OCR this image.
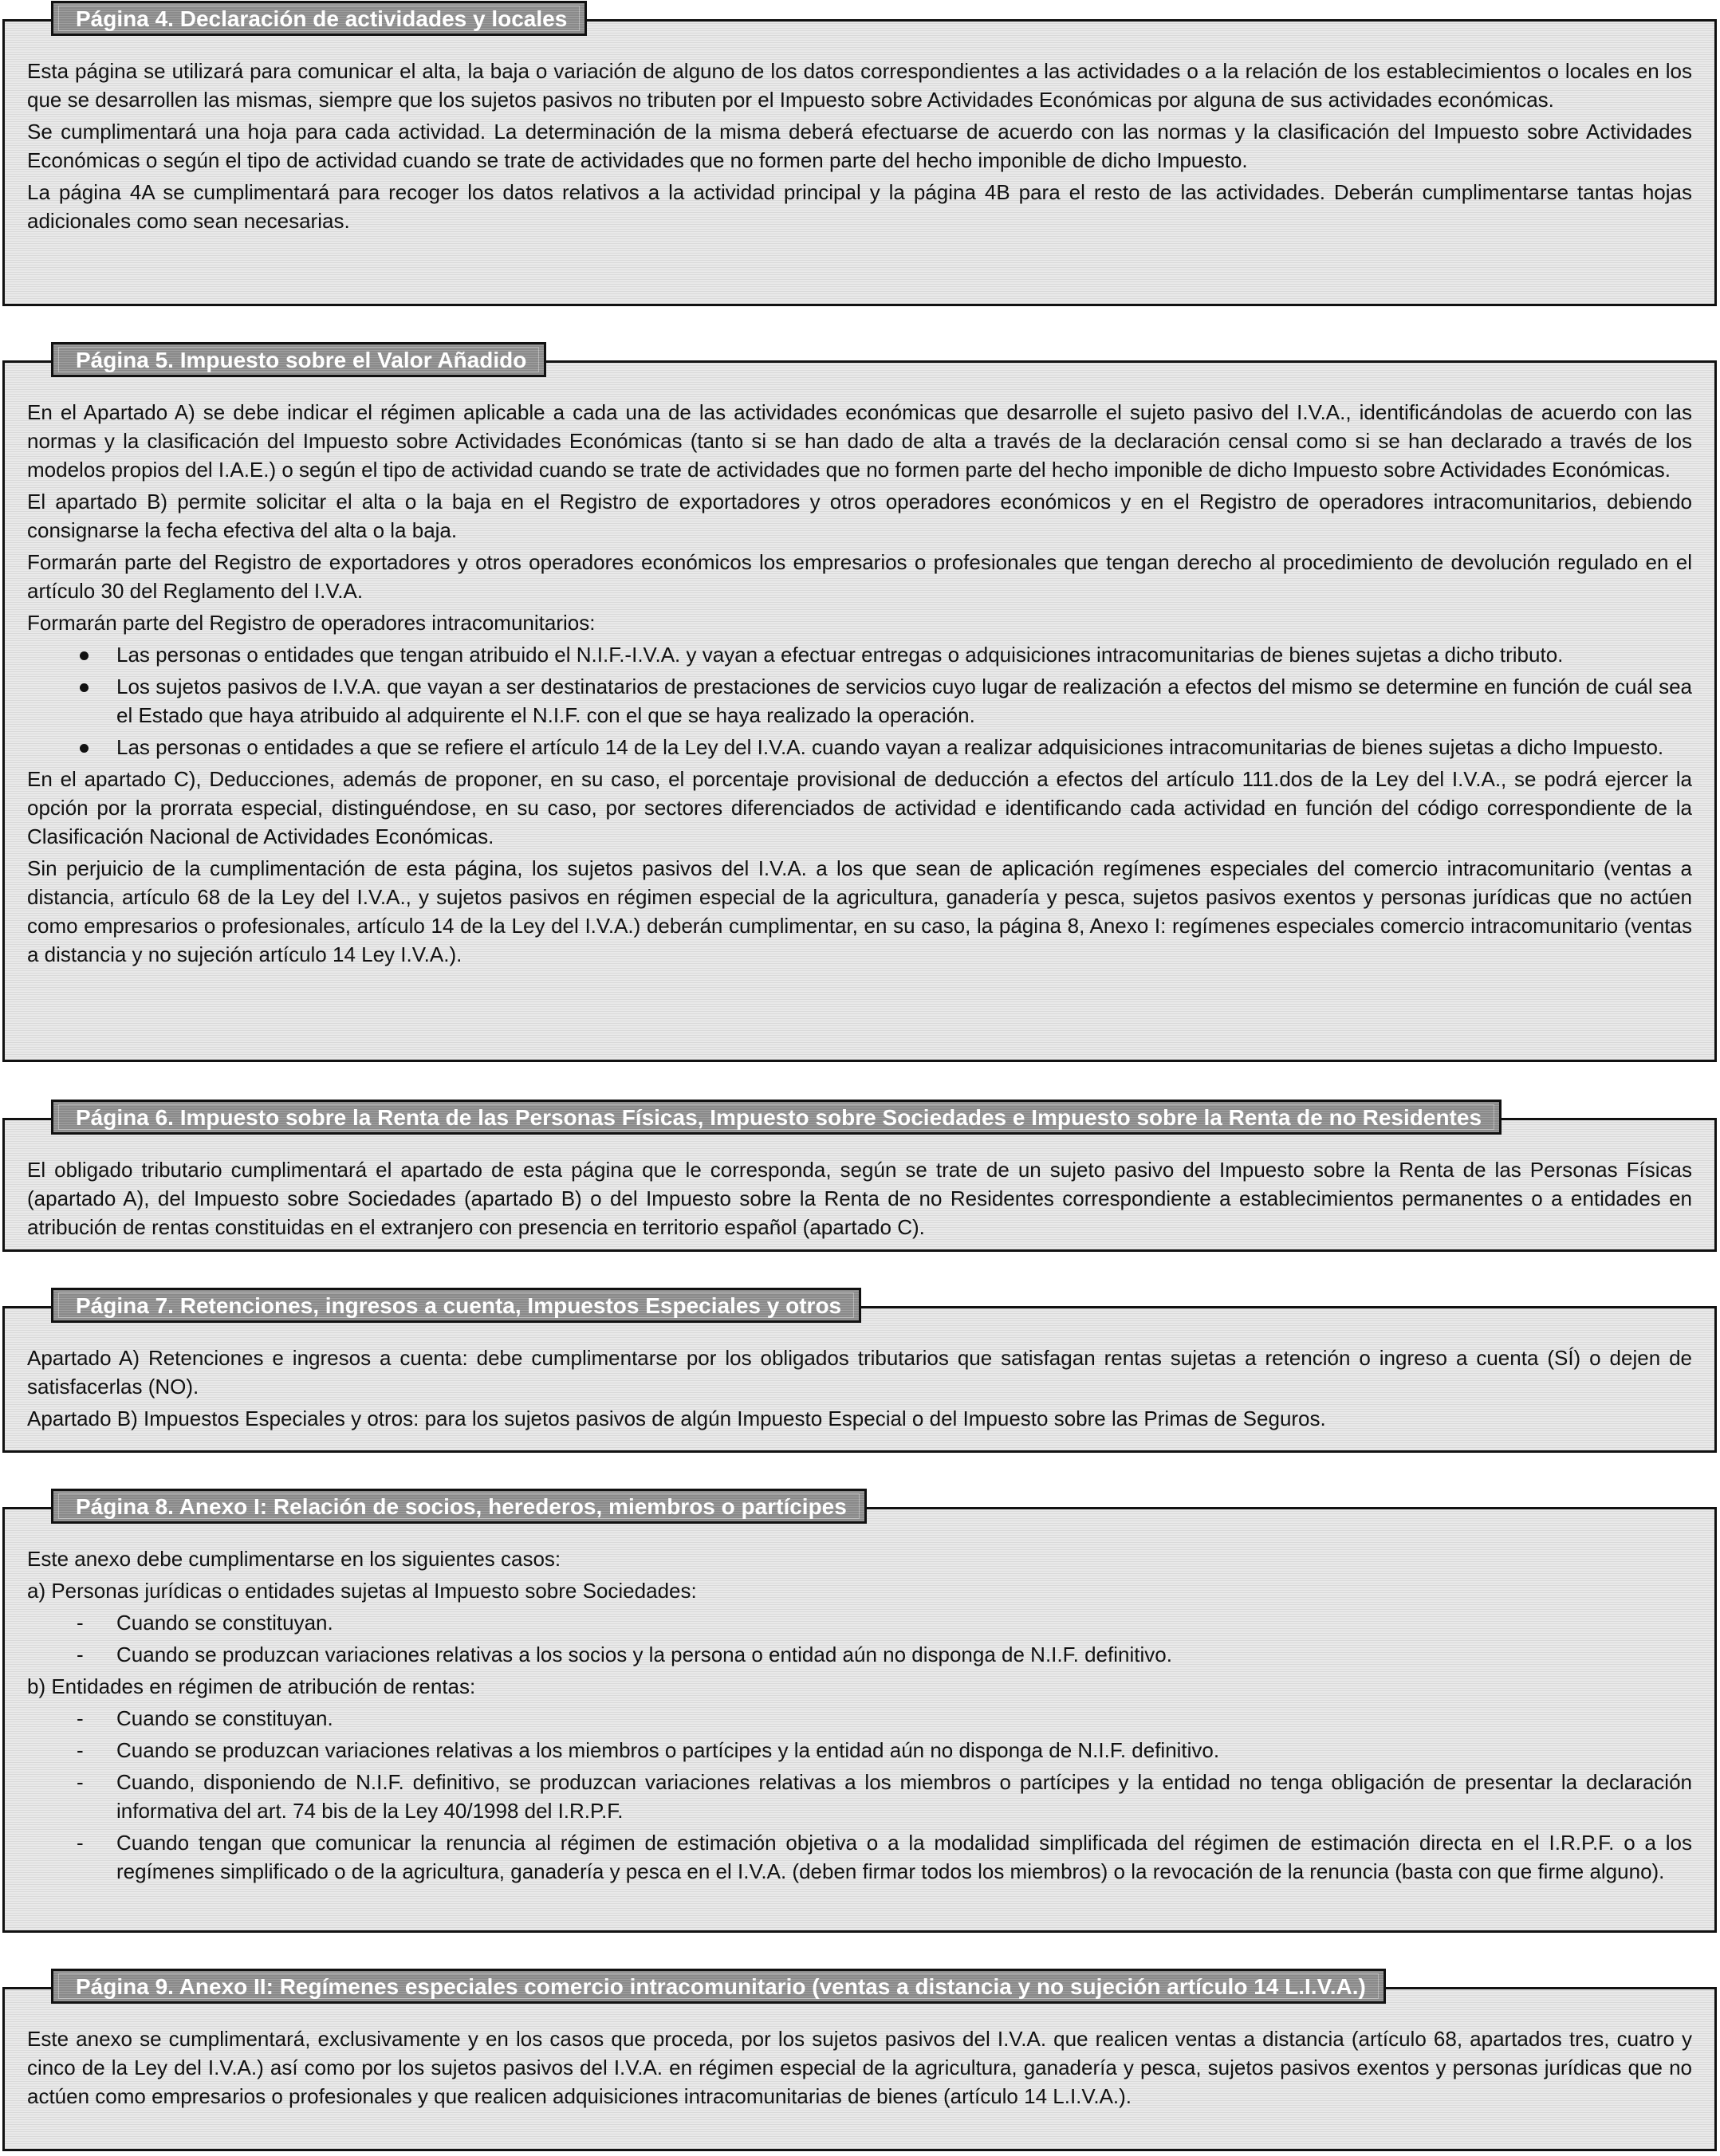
Página 4. Declaración de actividades y locales

Esta página se utilizará para comunicar el alta, la baja o variación de alguno de los datos correspondientes a las actividades o a la relación de los establecimientos o locales en los que se desarrollen las mismas, siempre que los sujetos pasivos no tributen por el Impuesto sobre Actividades Económicas por alguna de sus actividades económicas.

Se cumplimentará una hoja para cada actividad. La determinación de la misma deberá efectuarse de acuerdo con las normas y la clasificación del Impuesto sobre Actividades Económicas o según el tipo de actividad cuando se trate de actividades que no formen parte del hecho imponible de dicho Impuesto.

La página 4A se cumplimentará para recoger los datos relativos a la actividad principal y la página 4B para el resto de las actividades. Deberán cumplimentarse tantas hojas adicionales como sean necesarias.

Página 5. Impuesto sobre el Valor Añadido

En el Apartado A) se debe indicar el régimen aplicable a cada una de las actividades económicas que desarrolle el sujeto pasivo del I.V.A., identificándolas de acuerdo con las normas y la clasificación del Impuesto sobre Actividades Económicas (tanto si se han dado de alta a través de la declaración censal como si se han declarado a través de los modelos propios del I.A.E.) o según el tipo de actividad cuando se trate de actividades que no formen parte del hecho imponible de dicho Impuesto sobre Actividades Económicas.

El apartado B) permite solicitar el alta o la baja en el Registro de exportadores y otros operadores económicos y en el Registro de operadores intracomunitarios, debiendo consignarse la fecha efectiva del alta o la baja.

Formarán parte del Registro de exportadores y otros operadores económicos los empresarios o profesionales que tengan derecho al procedimiento de devolución regulado en el artículo 30 del Reglamento del I.V.A.

Formarán parte del Registro de operadores intracomunitarios:

Las personas o entidades que tengan atribuido el N.I.F.-I.V.A. y vayan a efectuar entregas o adquisiciones intracomunitarias de bienes sujetas a dicho tributo.
Los sujetos pasivos de I.V.A. que vayan a ser destinatarios de prestaciones de servicios cuyo lugar de realización a efectos del mismo se determine en función de cuál sea el Estado que haya atribuido al adquirente el N.I.F. con el que se haya realizado la operación.
Las personas o entidades a que se refiere el artículo 14 de la Ley del I.V.A. cuando vayan a realizar adquisiciones intracomunitarias de bienes sujetas a dicho Impuesto.

En el apartado C), Deducciones, además de proponer, en su caso, el porcentaje provisional de deducción a efectos del artículo 111.dos de la Ley del I.V.A., se podrá ejercer la opción por la prorrata especial, distinguéndose, en su caso, por sectores diferenciados de actividad e identificando cada actividad en función del código correspondiente de la Clasificación Nacional de Actividades Económicas.

Sin perjuicio de la cumplimentación de esta página, los sujetos pasivos del I.V.A. a los que sean de aplicación regímenes especiales del comercio intracomunitario (ventas a distancia, artículo 68 de la Ley del I.V.A., y sujetos pasivos en régimen especial de la agricultura, ganadería y pesca, sujetos pasivos exentos y personas jurídicas que no actúen como empresarios o profesionales, artículo 14 de la Ley del I.V.A.) deberán cumplimentar, en su caso, la página 8, Anexo I: regímenes especiales comercio intracomunitario (ventas a distancia y no sujeción artículo 14 Ley I.V.A.).

Página 6. Impuesto sobre la Renta de las Personas Físicas, Impuesto sobre Sociedades e Impuesto sobre la Renta de no Residentes

El obligado tributario cumplimentará el apartado de esta página que le corresponda, según se trate de un sujeto pasivo del Impuesto sobre la Renta de las Personas Físicas (apartado A), del Impuesto sobre Sociedades (apartado B) o del Impuesto sobre la Renta de no Residentes correspondiente a establecimientos permanentes o a entidades en atribución de rentas constituidas en el extranjero con presencia en territorio español (apartado C).

Página 7. Retenciones, ingresos a cuenta, Impuestos Especiales y otros

Apartado A) Retenciones e ingresos a cuenta: debe cumplimentarse por los obligados tributarios que satisfagan rentas sujetas a retención o ingreso a cuenta (SÍ) o dejen de satisfacerlas (NO).

Apartado B) Impuestos Especiales y otros: para los sujetos pasivos de algún Impuesto Especial o del Impuesto sobre las Primas de Seguros.

Página 8. Anexo I: Relación de socios, herederos, miembros o partícipes

Este anexo debe cumplimentarse en los siguientes casos:

a) Personas jurídicas o entidades sujetas al Impuesto sobre Sociedades:

- Cuando se constituyan.
- Cuando se produzcan variaciones relativas a los socios y la persona o entidad aún no disponga de N.I.F. definitivo.

b) Entidades en régimen de atribución de rentas:

- Cuando se constituyan.
- Cuando se produzcan variaciones relativas a los miembros o partícipes y la entidad aún no disponga de N.I.F. definitivo.
- Cuando, disponiendo de N.I.F. definitivo, se produzcan variaciones relativas a los miembros o partícipes y la entidad no tenga obligación de presentar la declaración informativa del art. 74 bis de la Ley 40/1998 del I.R.P.F.
- Cuando tengan que comunicar la renuncia al régimen de estimación objetiva o a la modalidad simplificada del régimen de estimación directa en el I.R.P.F. o a los regímenes simplificado o de la agricultura, ganadería y pesca en el I.V.A. (deben firmar todos los miembros) o la revocación de la renuncia (basta con que firme alguno).
Página 9. Anexo II: Regímenes especiales comercio intracomunitario (ventas a distancia y no sujeción artículo 14 L.I.V.A.)

Este anexo se cumplimentará, exclusivamente y en los casos que proceda, por los sujetos pasivos del I.V.A. que realicen ventas a distancia (artículo 68, apartados tres, cuatro y cinco de la Ley del I.V.A.) así como por los sujetos pasivos del I.V.A. en régimen especial de la agricultura, ganadería y pesca, sujetos pasivos exentos y personas jurídicas que no actúen como empresarios o profesionales y que realicen adquisiciones intracomunitarias de bienes (artículo 14 L.I.V.A.).
